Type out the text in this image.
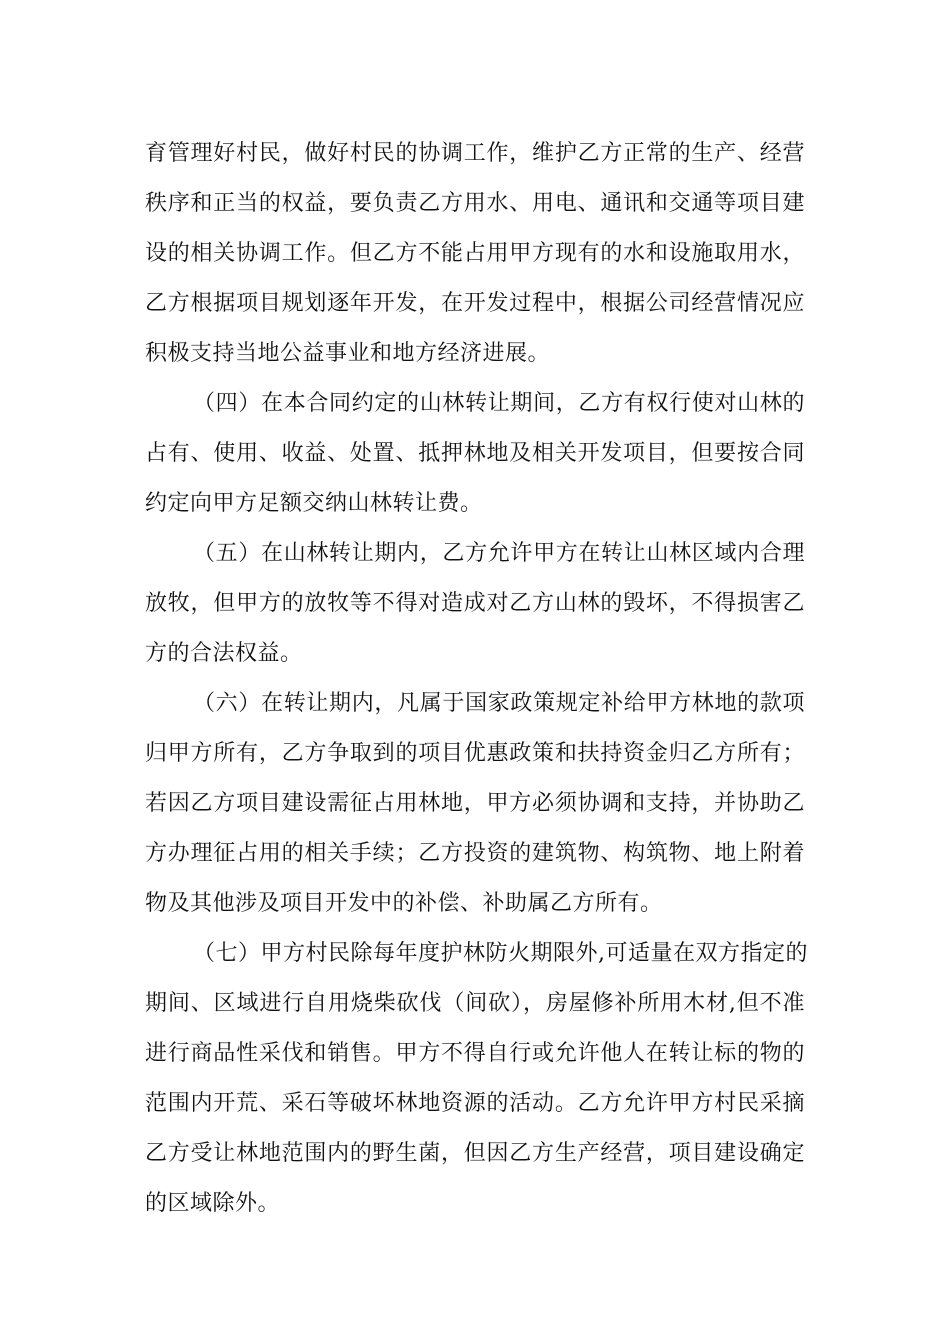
育管理好村民，做好村民的协调工作，维护乙方正常的生产、经营
秩序和正当的权益，要负责乙方用水、用电、通讯和交通等项目建
设的相关协调工作。但乙方不能占用甲方现有的水和设施取用水，
乙方根据项目规划逐年开发，在开发过程中，根据公司经营情况应
积极支持当地公益事业和地方经济进展。
（四）在本合同约定的山林转让期间，乙方有权行使对山林的
占有、使用、收益、处置、抵押林地及相关开发项目，但要按合同
约定向甲方足额交纳山林转让费。
（五）在山林转让期内，乙方允许甲方在转让山林区域内合理
放牧，但甲方的放牧等不得对造成对乙方山林的毁坏，不得损害乙
方的合法权益。
（六）在转让期内，凡属于国家政策规定补给甲方林地的款项
归甲方所有，乙方争取到的项目优惠政策和扶持资金归乙方所有；
若因乙方项目建设需征占用林地，甲方必须协调和支持，并协助乙
方办理征占用的相关手续；乙方投资的建筑物、构筑物、地上附着
物及其他涉及项目开发中的补偿、补助属乙方所有。
（七）甲方村民除每年度护林防火期限外,可适量在双方指定的
期间、区域进行自用烧柴砍伐（间砍），房屋修补所用木材,但不准
进行商品性采伐和销售。甲方不得自行或允许他人在转让标的物的
范围内开荒、采石等破坏林地资源的活动。乙方允许甲方村民采摘
乙方受让林地范围内的野生菌，但因乙方生产经营，项目建设确定
的区域除外。
